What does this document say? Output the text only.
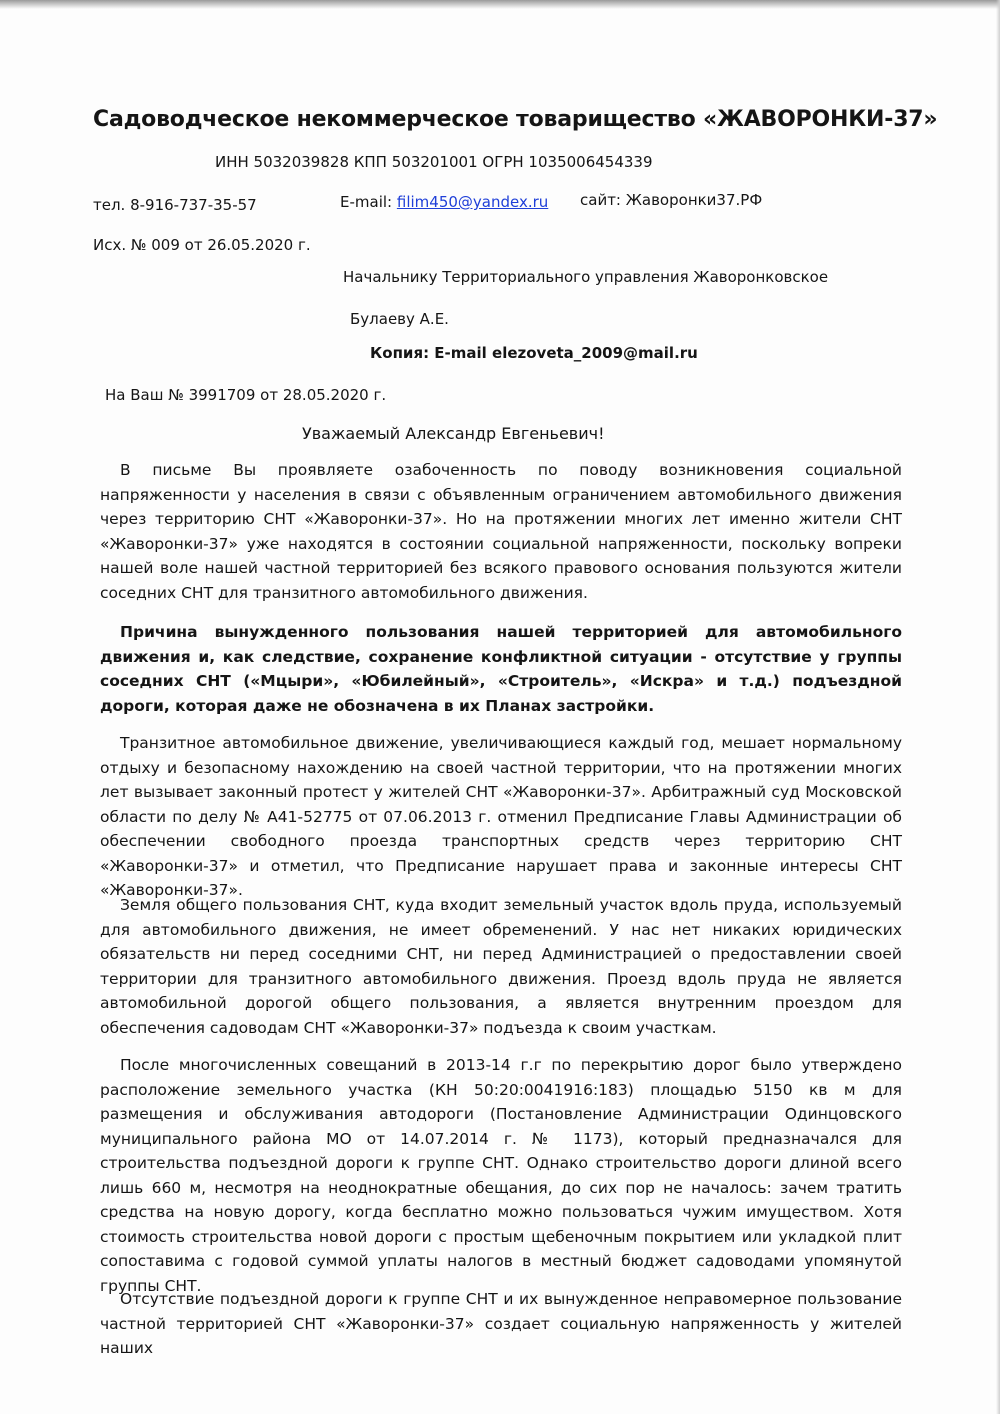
Садоводческое некоммерческое товарищество «ЖАВОРОНКИ-37»
ИНН 5032039828 КПП 503201001 ОГРН 1035006454339
тел. 8-916-737-35-57	E-mail: filim450@yandex.ru сайт: Жаворонки37.РФ
Исх. № 009 от 26.05.2020 г.
Начальнику Территориального управления Жаворонковское
Булаеву А.Е.
Копия: E-mail elezoveta_2009@mail.ru
На Ваш № 3991709 от 28.05.2020 г.
Уважаемый Александр Евгеньевич!

В письме Вы проявляете озабоченность по поводу возникновения социальной напряженности у населения в связи с объявленным ограничением автомобильного движения через территорию СНТ «Жаворонки-37». Но на протяжении многих лет именно жители СНТ «Жаворонки-37» уже находятся в состоянии социальной напряженности, поскольку вопреки нашей воле нашей частной территорией без всякого правового основания пользуются жители соседних СНТ для транзитного автомобильного движения.

Причина вынужденного пользования нашей территорией для автомобильного движения и, как следствие, сохранение конфликтной ситуации - отсутствие у группы соседних СНТ («Мцыри», «Юбилейный», «Строитель», «Искра» и т.д.) подъездной дороги, которая даже не обозначена в их Планах застройки.

Транзитное автомобильное движение, увеличивающиеся каждый год, мешает нормальному отдыху и безопасному нахождению на своей частной территории, что на протяжении многих лет вызывает законный протест у жителей СНТ «Жаворонки-37». Арбитражный суд Московской области по делу № А41-52775 от 07.06.2013 г. отменил Предписание Главы Администрации об обеспечении свободного проезда транспортных средств через территорию СНТ «Жаворонки-37» и отметил, что Предписание нарушает права и законные интересы СНТ «Жаворонки-37».

Земля общего пользования СНТ, куда входит земельный участок вдоль пруда, используемый для автомобильного движения, не имеет обременений. У нас нет никаких юридических обязательств ни перед соседними СНТ, ни перед Администрацией о предоставлении своей территории для транзитного автомобильного движения. Проезд вдоль пруда не является автомобильной дорогой общего пользования, а является внутренним проездом для обеспечения садоводам СНТ «Жаворонки-37» подъезда к своим участкам.

После многочисленных совещаний в 2013-14 г.г по перекрытию дорог было утверждено расположение земельного участка (КН 50:20:0041916:183) площадью 5150 кв м для размещения и обслуживания автодороги (Постановление Администрации Одинцовского муниципального района МО от 14.07.2014 г. № 1173), который предназначался для строительства подъездной дороги к группе СНТ. Однако строительство дороги длиной всего лишь 660 м, несмотря на неоднократные обещания, до сих пор не началось: зачем тратить средства на новую дорогу, когда бесплатно можно пользоваться чужим имуществом. Хотя стоимость строительства новой дороги с простым щебеночным покрытием или укладкой плит сопоставима с годовой суммой уплаты налогов в местный бюджет садоводами упомянутой группы СНТ.

Отсутствие подъездной дороги к группе СНТ и их вынужденное неправомерное пользование частной территорией СНТ «Жаворонки-37» создает социальную напряженность у жителей наших
